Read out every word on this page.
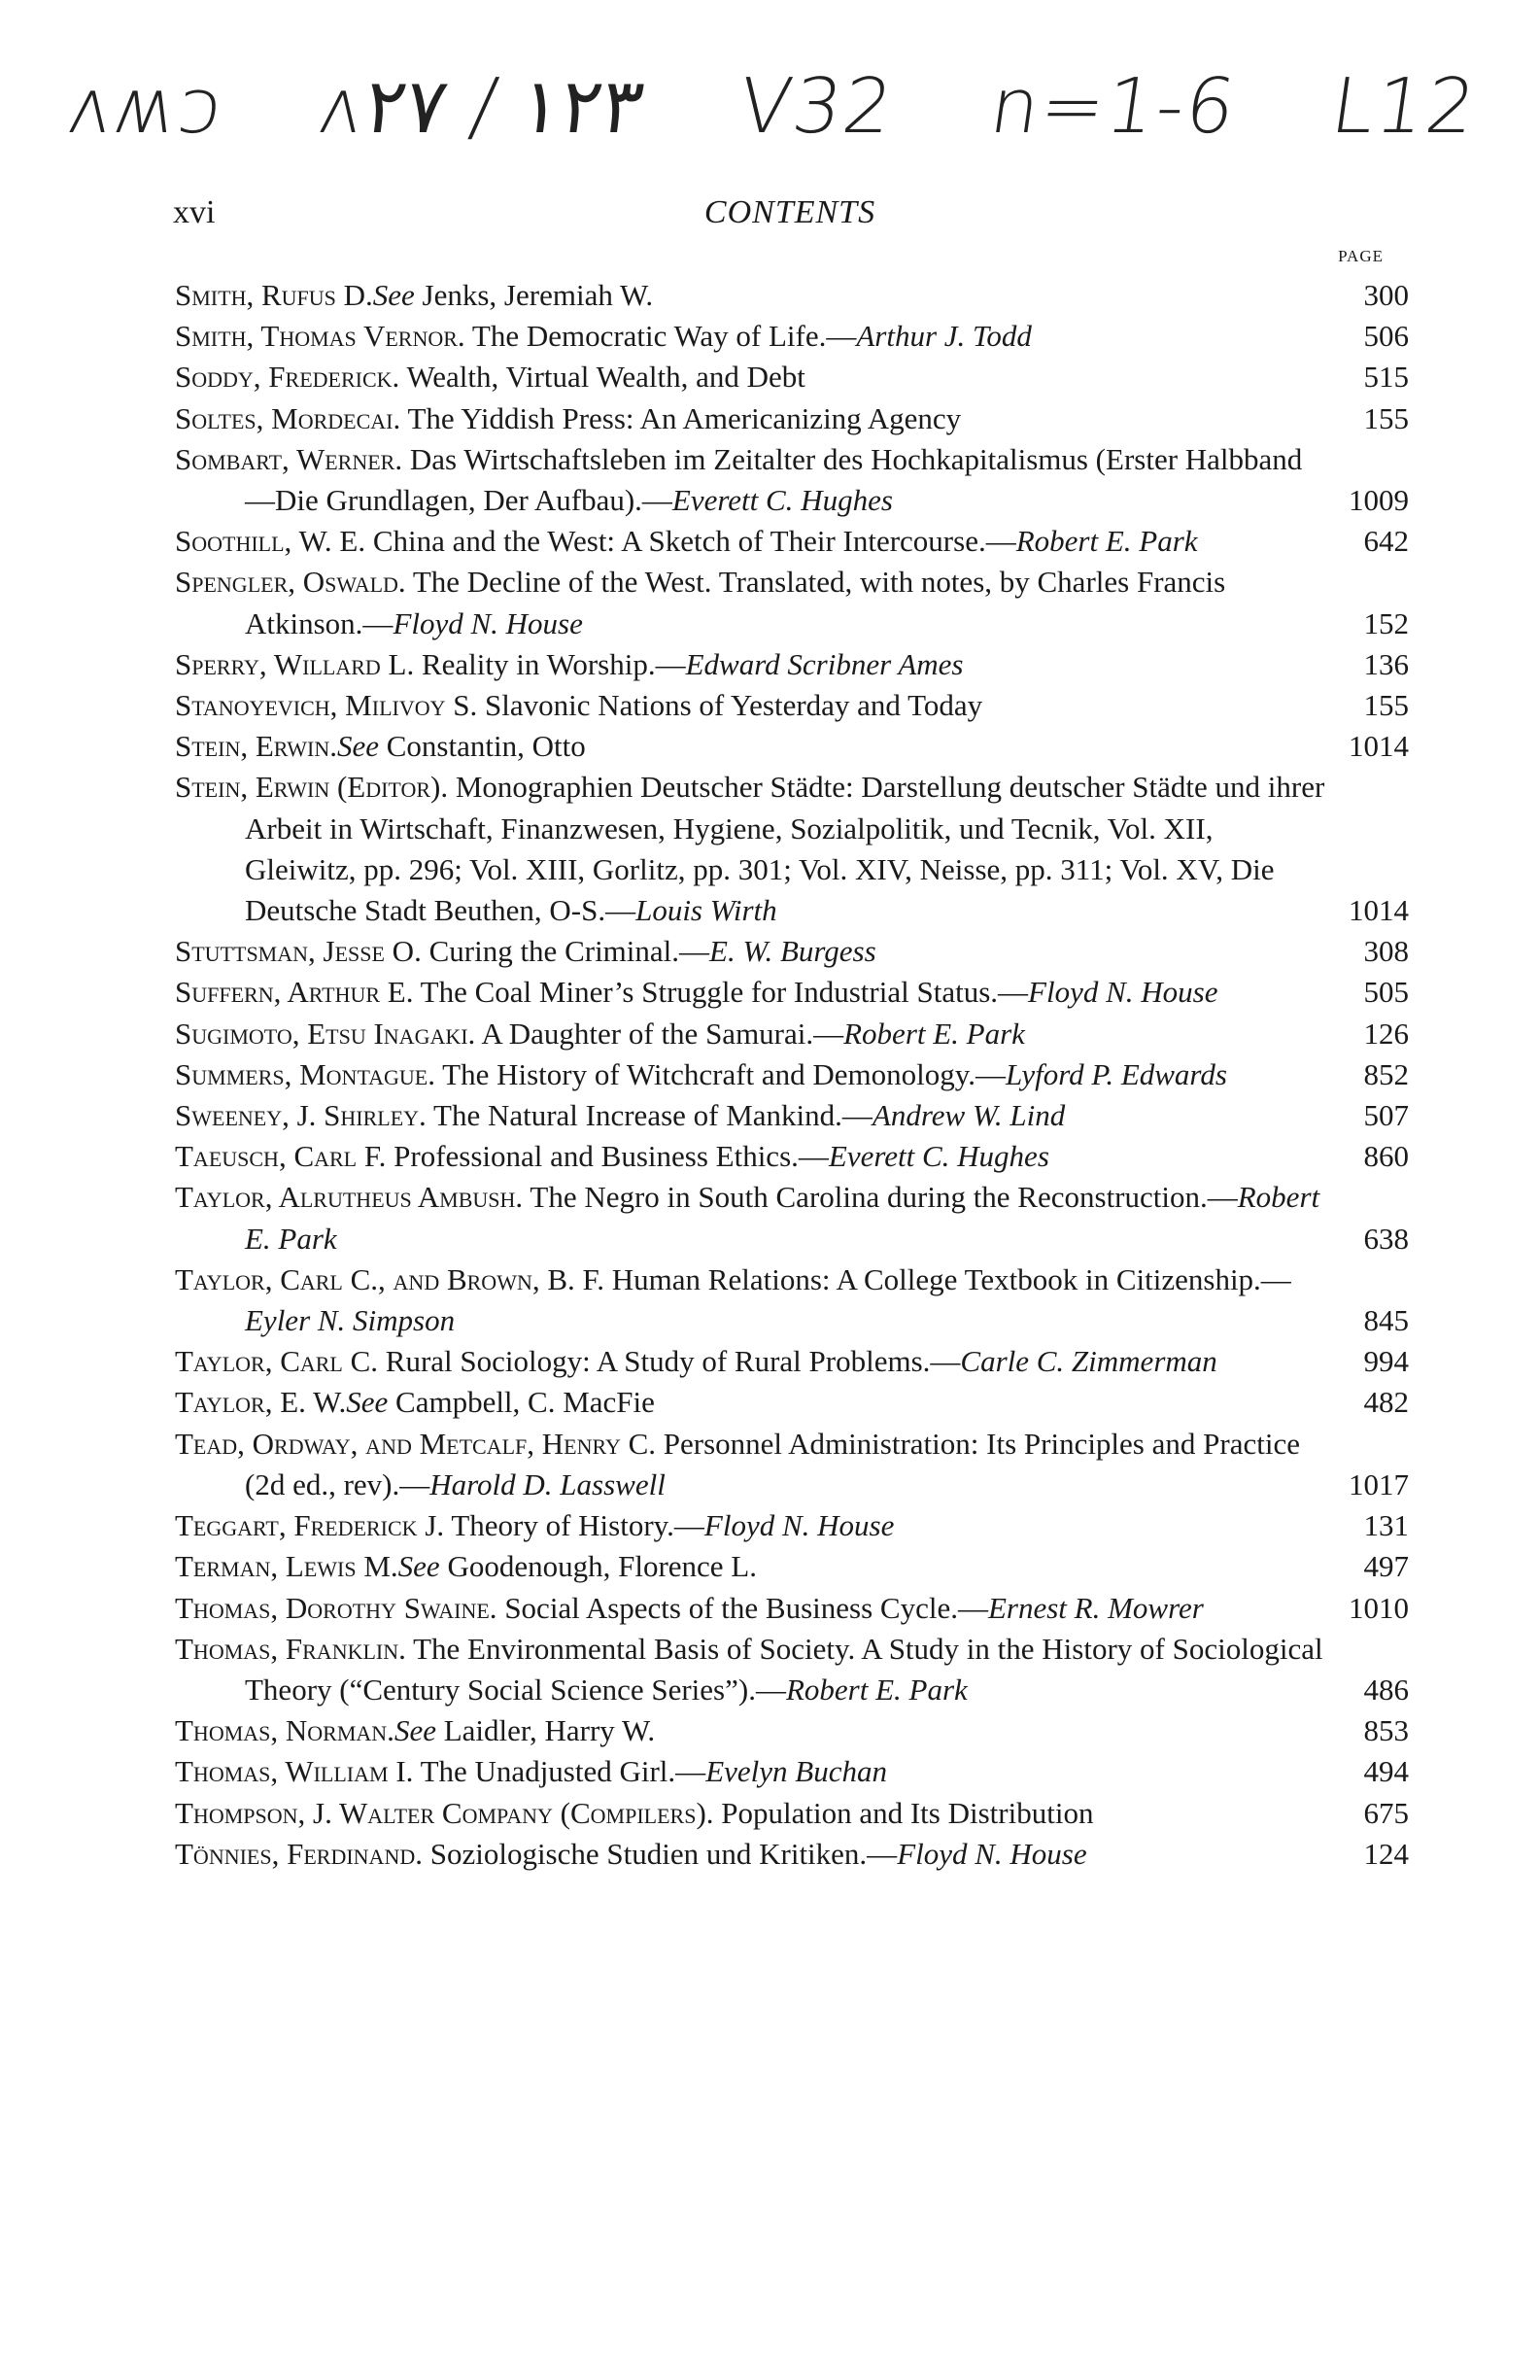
ʌʍɔ ʌ١٢٣ / ٢٧ V32 n=1-6 L12
xvi	CONTENTS
PAGE
Smith, Rufus D.See Jenks, Jeremiah W.	300
Smith, Thomas Vernor. The Democratic Way of Life.—Arthur J. Todd	506
Soddy, Frederick. Wealth, Virtual Wealth, and Debt	515
Soltes, Mordecai. The Yiddish Press: An Americanizing Agency	155
Sombart, Werner. Das Wirtschaftsleben im Zeitalter des Hochkapitalismus (Erster Halbband—Die Grundlagen, Der Aufbau).—Everett C. Hughes	1009
Soothill, W. E. China and the West: A Sketch of Their Intercourse.—Robert E. Park	642
Spengler, Oswald. The Decline of the West. Translated, with notes, by Charles Francis Atkinson.—Floyd N. House	152
Sperry, Willard L. Reality in Worship.—Edward Scribner Ames	136
Stanoyevich, Milivoy S. Slavonic Nations of Yesterday and Today	155
Stein, Erwin.See Constantin, Otto	1014
Stein, Erwin (Editor). Monographien Deutscher Städte: Darstellung deutscher Städte und ihrer Arbeit in Wirtschaft, Finanzwesen, Hygiene, Sozialpolitik, und Tecnik, Vol. XII, Gleiwitz, pp. 296; Vol. XIII, Gorlitz, pp. 301; Vol. XIV, Neisse, pp. 311; Vol. XV, Die Deutsche Stadt Beuthen, O-S.—Louis Wirth	1014
Stuttsman, Jesse O. Curing the Criminal.—E. W. Burgess	308
Suffern, Arthur E. The Coal Miner’s Struggle for Industrial Status.—Floyd N. House	505
Sugimoto, Etsu Inagaki. A Daughter of the Samurai.—Robert E. Park	126
Summers, Montague. The History of Witchcraft and Demonology.—Lyford P. Edwards	852
Sweeney, J. Shirley. The Natural Increase of Mankind.—Andrew W. Lind	507
Taeusch, Carl F. Professional and Business Ethics.—Everett C. Hughes	860
Taylor, Alrutheus Ambush. The Negro in South Carolina during the Reconstruction.—Robert E. Park	638
Taylor, Carl C., and Brown, B. F. Human Relations: A College Textbook in Citizenship.—Eyler N. Simpson	845
Taylor, Carl C. Rural Sociology: A Study of Rural Problems.—Carle C. Zimmerman	994
Taylor, E. W.See Campbell, C. MacFie	482
Tead, Ordway, and Metcalf, Henry C. Personnel Administration: Its Principles and Practice (2d ed., rev).—Harold D. Lasswell	1017
Teggart, Frederick J. Theory of History.—Floyd N. House	131
Terman, Lewis M.See Goodenough, Florence L.	497
Thomas, Dorothy Swaine. Social Aspects of the Business Cycle.—Ernest R. Mowrer	1010
Thomas, Franklin. The Environmental Basis of Society. A Study in the History of Sociological Theory (“Century Social Science Series”).—Robert E. Park	486
Thomas, Norman.See Laidler, Harry W.	853
Thomas, William I. The Unadjusted Girl.—Evelyn Buchan	494
Thompson, J. Walter Company (Compilers). Population and Its Distribution	675
Tönnies, Ferdinand. Soziologische Studien und Kritiken.—Floyd N. House	124
